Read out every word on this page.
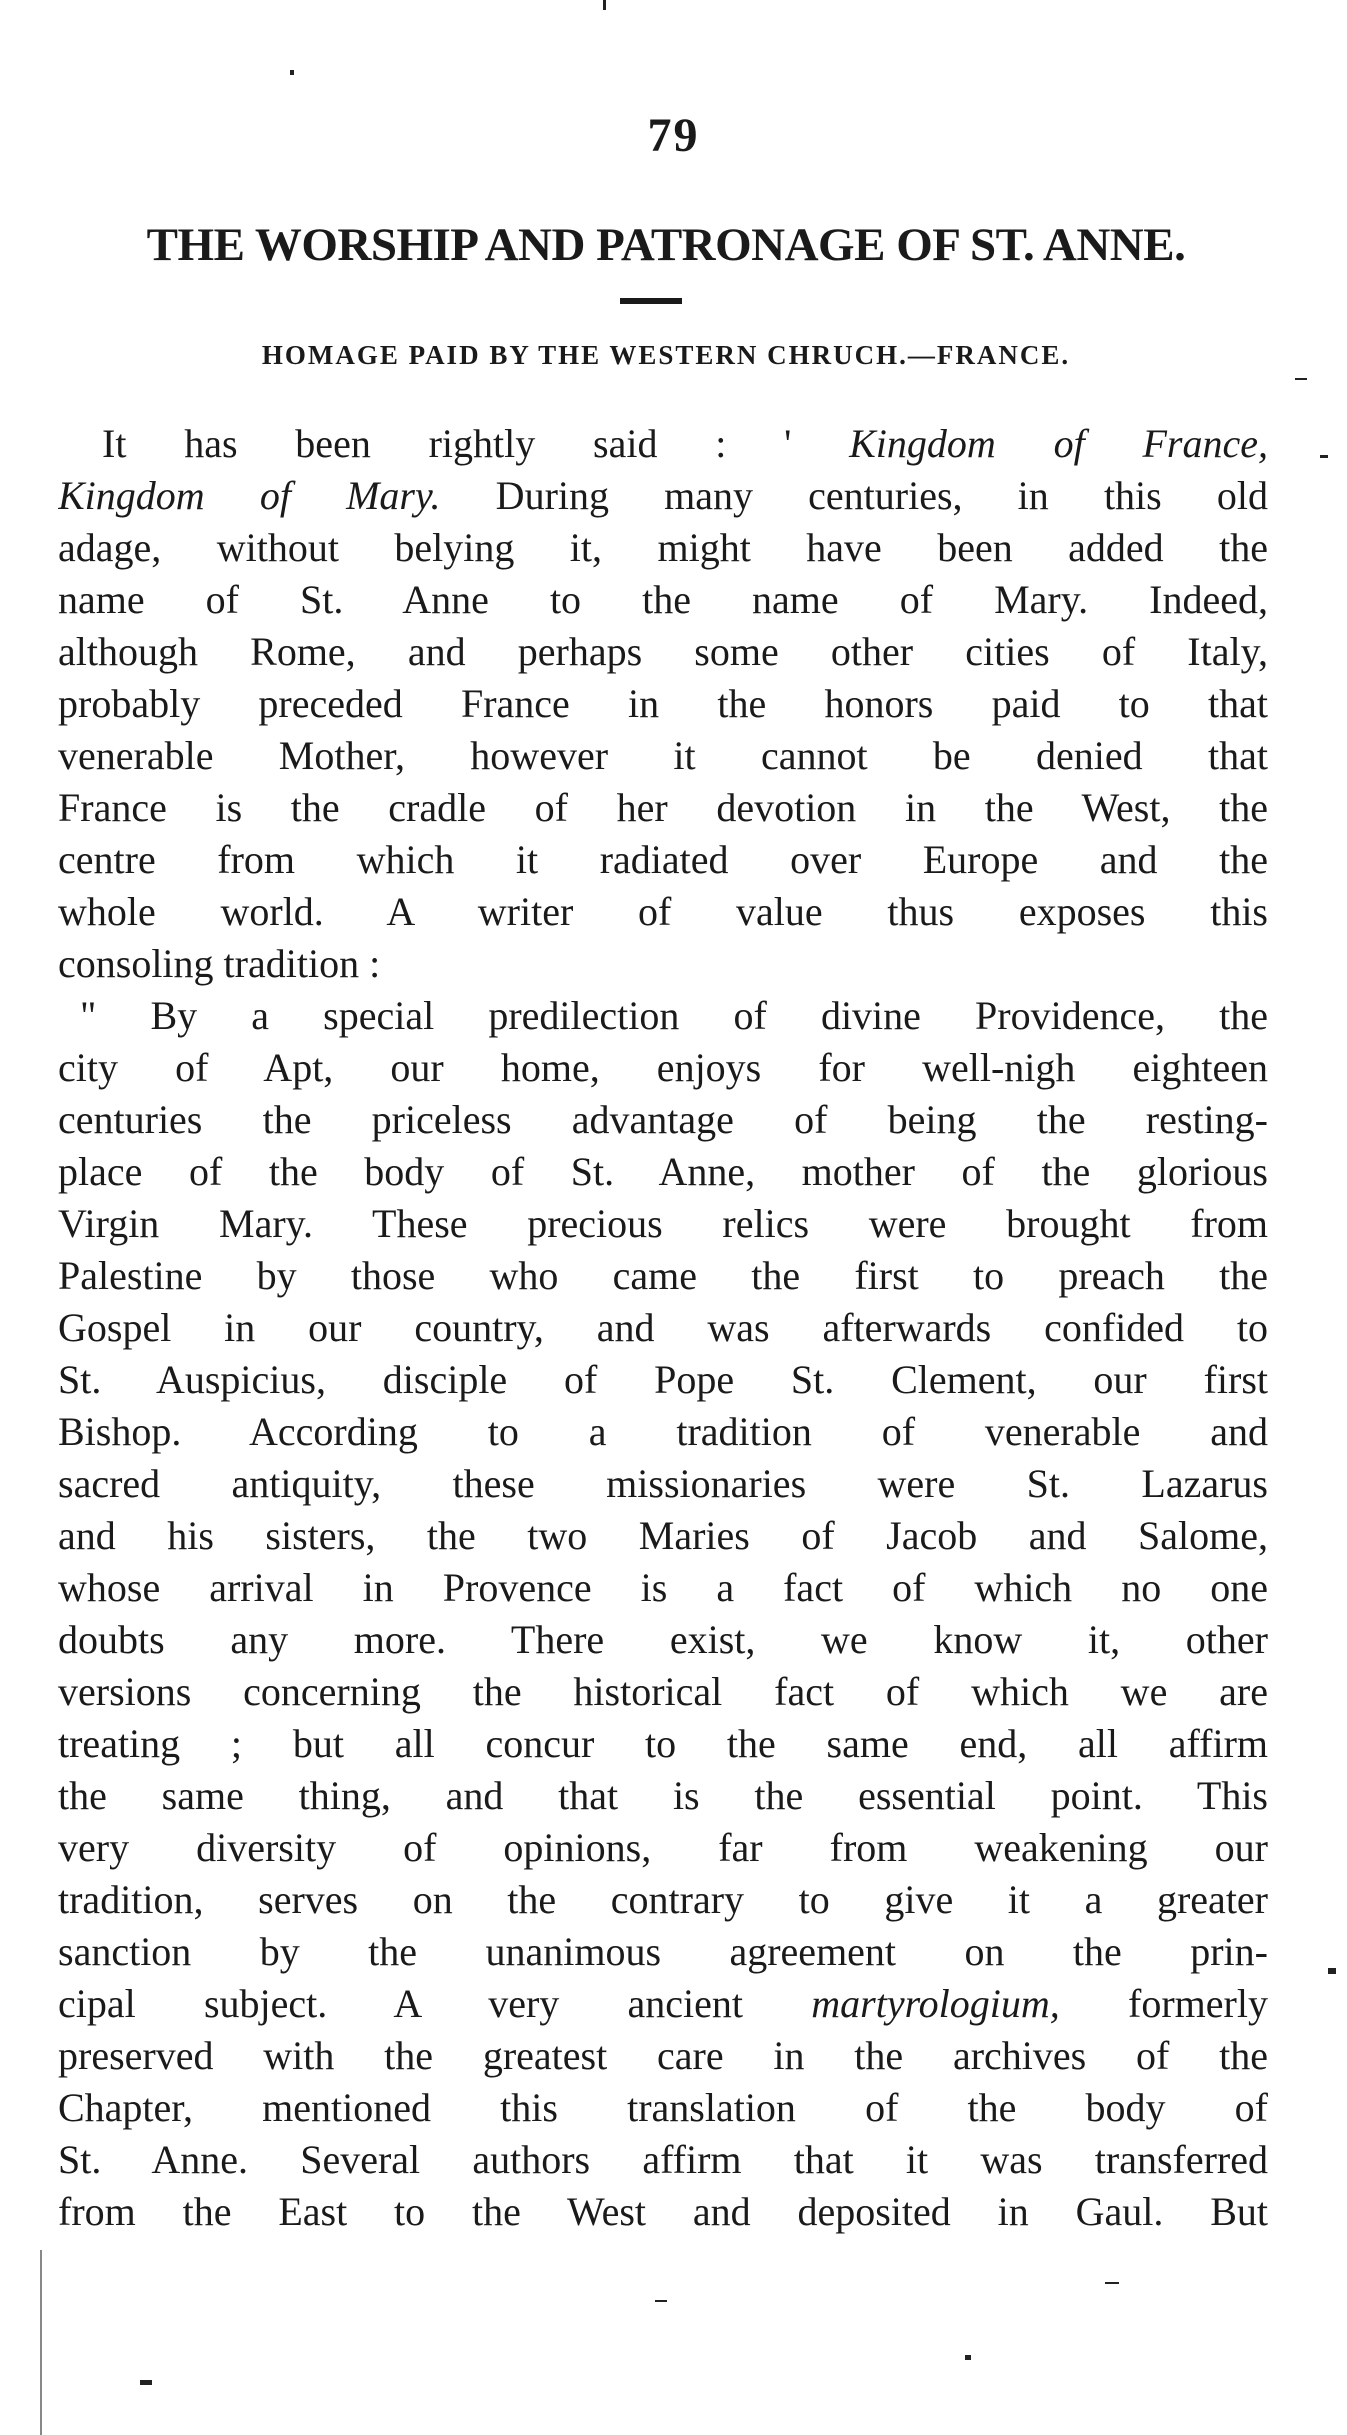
79
THE WORSHIP AND PATRONAGE OF ST. ANNE.
HOMAGE PAID BY THE WESTERN CHRUCH.—FRANCE.
It has been rightly said : ' Kingdom of France,
Kingdom of Mary. During many centuries, in this old
adage, without belying it, might have been added the
name of St. Anne to the name of Mary. Indeed,
although Rome, and perhaps some other cities of Italy,
probably preceded France in the honors paid to that
venerable Mother, however it cannot be denied that
France is the cradle of her devotion in the West, the
centre from which it radiated over Europe and the
whole world. A writer of value thus exposes this
consoling tradition :
" By a special predilection of divine Providence, the
city of Apt, our home, enjoys for well-nigh eighteen
centuries the priceless advantage of being the resting-
place of the body of St. Anne, mother of the glorious
Virgin Mary. These precious relics were brought from
Palestine by those who came the first to preach the
Gospel in our country, and was afterwards confided to
St. Auspicius, disciple of Pope St. Clement, our first
Bishop. According to a tradition of venerable and
sacred antiquity, these missionaries were St. Lazarus
and his sisters, the two Maries of Jacob and Salome,
whose arrival in Provence is a fact of which no one
doubts any more. There exist, we know it, other
versions concerning the historical fact of which we are
treating ; but all concur to the same end, all affirm
the same thing, and that is the essential point. This
very diversity of opinions, far from weakening our
tradition, serves on the contrary to give it a greater
sanction by the unanimous agreement on the prin-
cipal subject. A very ancient martyrologium, formerly
preserved with the greatest care in the archives of the
Chapter, mentioned this translation of the body of
St. Anne. Several authors affirm that it was transferred
from the East to the West and deposited in Gaul. But
